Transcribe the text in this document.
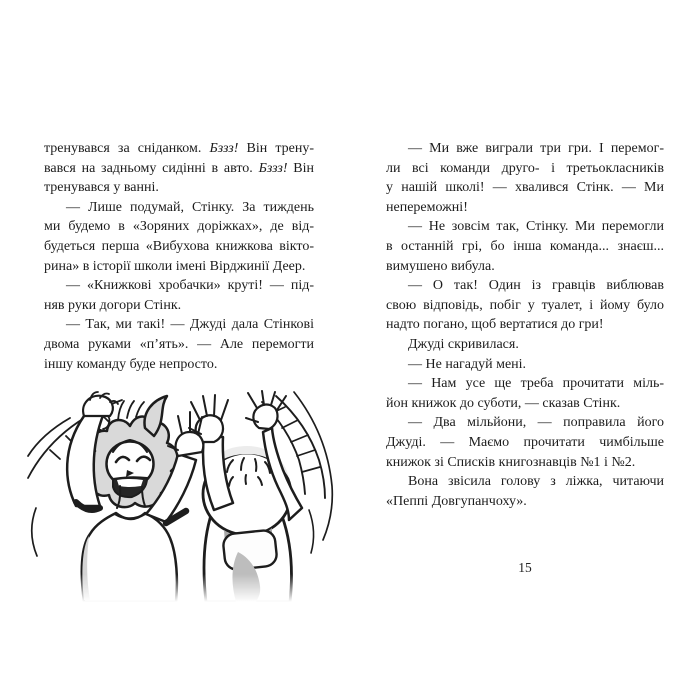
тренувався за сніданком. Бззз! Він трену-
вався на задньому сидінні в авто. Бззз! Він
тренувався у ванні.
— Лише подумай, Стінку. За тиждень
ми будемо в «Зоряних доріжках», де від-
будеться перша «Вибухова книжкова вікто-
рина» в історії школи імені Вірджинії Деер.
— «Книжкові хробачки» круті! — під-
няв руки догори Стінк.
— Так, ми такі! — Джуді дала Стінкові
двома руками «п’ять». — Але перемогти
іншу команду буде непросто.
— Ми вже виграли три гри. І перемог-
ли всі команди друго- і третьокласників
у нашій школі! — хвалився Стінк. — Ми
непереможні!
— Не зовсім так, Стінку. Ми перемогли
в останній грі, бо інша команда... знаєш...
вимушено вибула.
— О так! Один із гравців виблював
свою відповідь, побіг у туалет, і йому було
надто погано, щоб вертатися до гри!
Джуді скривилася.
— Не нагадуй мені.
— Нам усе ще треба прочитати міль-
йон книжок до суботи, — сказав Стінк.
— Два мільйони, — поправила його
Джуді. — Маємо прочитати чимбільше
книжок зі Списків книгознавців №1 і №2.
Вона звісила голову з ліжка, читаючи
«Пеппі Довгупанчоху».
15
